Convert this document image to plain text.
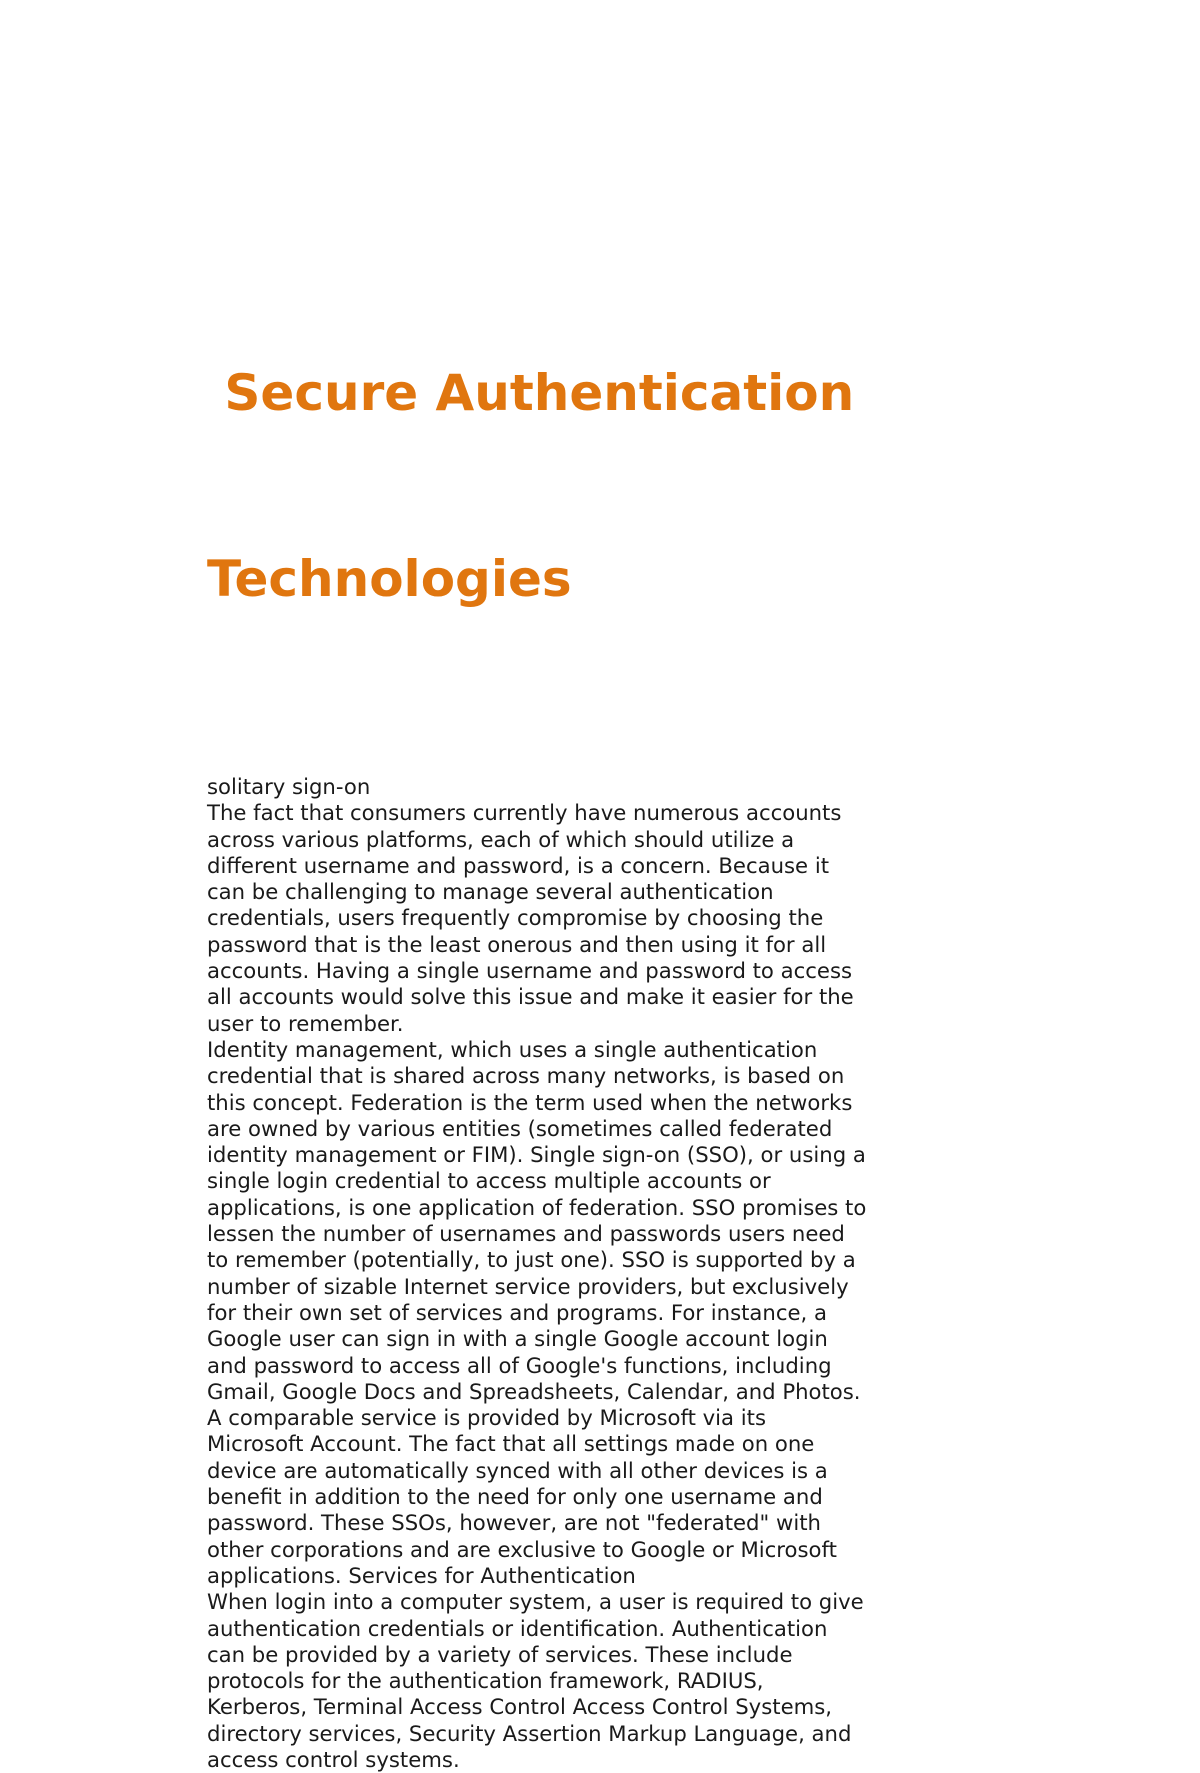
Secure Authentication

Technologies

solitary sign-on
The fact that consumers currently have numerous accounts
across various platforms, each of which should utilize a
different username and password, is a concern. Because it
can be challenging to manage several authentication
credentials, users frequently compromise by choosing the
password that is the least onerous and then using it for all
accounts. Having a single username and password to access
all accounts would solve this issue and make it easier for the
user to remember.
Identity management, which uses a single authentication
credential that is shared across many networks, is based on
this concept. Federation is the term used when the networks
are owned by various entities (sometimes called federated
identity management or FIM). Single sign-on (SSO), or using a
single login credential to access multiple accounts or
applications, is one application of federation. SSO promises to
lessen the number of usernames and passwords users need
to remember (potentially, to just one). SSO is supported by a
number of sizable Internet service providers, but exclusively
for their own set of services and programs. For instance, a
Google user can sign in with a single Google account login
and password to access all of Google's functions, including
Gmail, Google Docs and Spreadsheets, Calendar, and Photos.
A comparable service is provided by Microsoft via its
Microsoft Account. The fact that all settings made on one
device are automatically synced with all other devices is a
benefit in addition to the need for only one username and
password. These SSOs, however, are not "federated" with
other corporations and are exclusive to Google or Microsoft
applications. Services for Authentication
When login into a computer system, a user is required to give
authentication credentials or identification. Authentication
can be provided by a variety of services. These include
protocols for the authentication framework, RADIUS,
Kerberos, Terminal Access Control Access Control Systems,
directory services, Security Assertion Markup Language, and
access control systems.
